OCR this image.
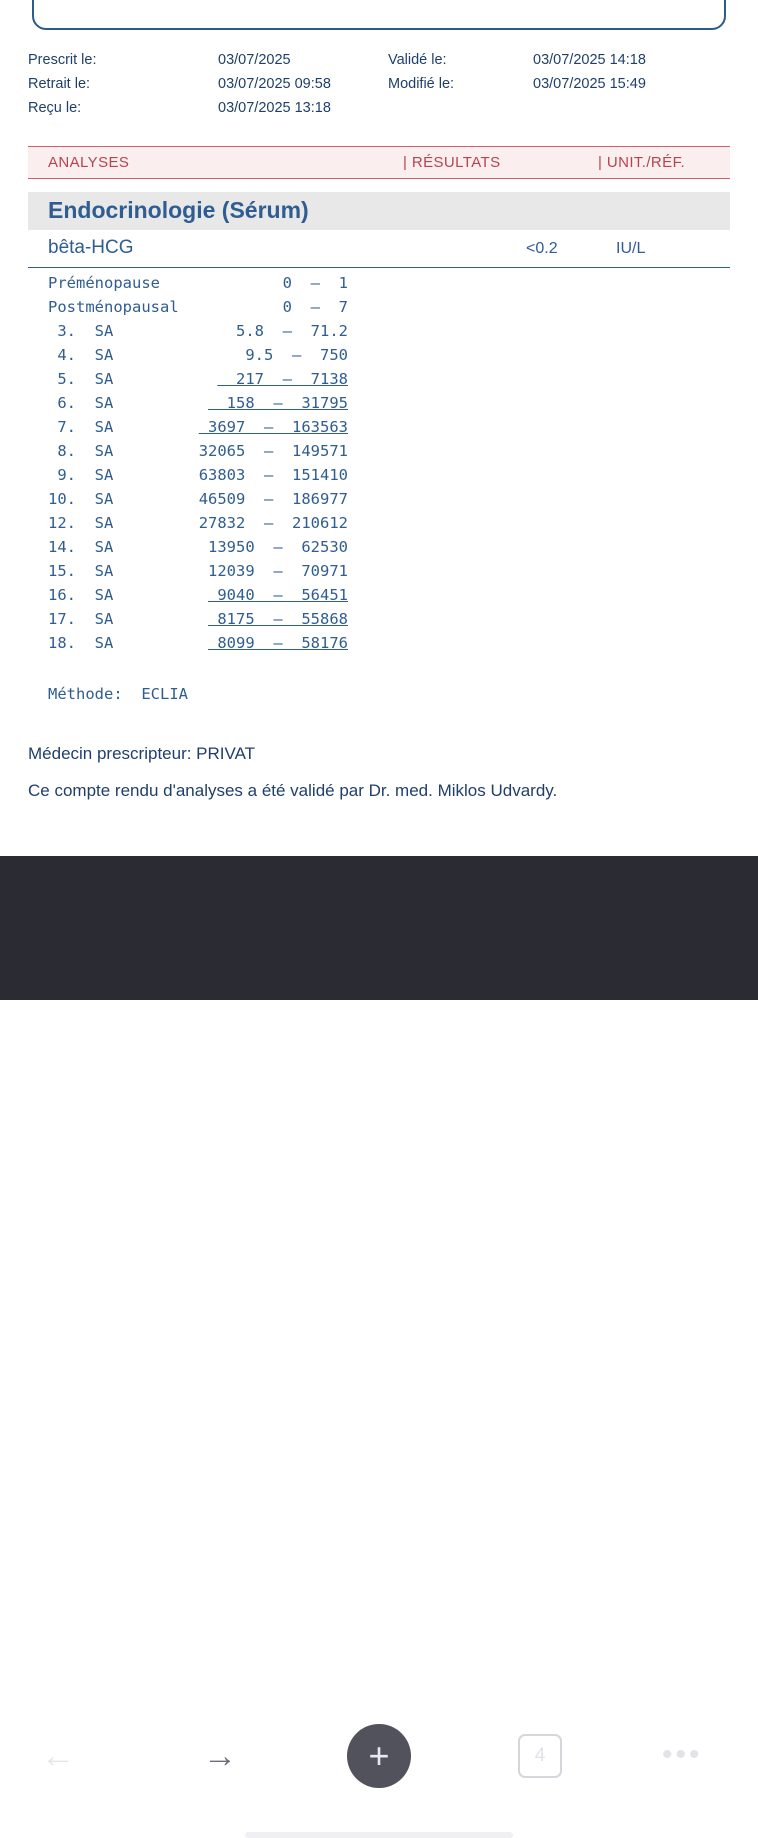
Prescrit le:	03/07/2025	Validé le:	03/07/2025 14:18
Retrait le:	03/07/2025 09:58	Modifié le:	03/07/2025 15:49
Reçu le:	03/07/2025 13:18
ANALYSES	| RÉSULTATS	| UNIT./RÉF.
Endocrinologie (Sérum)
bêta-HCG	<0.2	IU/L
Préménopause	0  –  1
Postménopausal	0  –  7
3.  SA	5.8  –  71.2
4.  SA	9.5  –  750
5.  SA	217  –  7138
6.  SA	158  –  31795
7.  SA	3697  –  163563
8.  SA	32065  –  149571
9.  SA	63803  –  151410
10.  SA	46509  –  186977
12.  SA	27832  –  210612
14.  SA	13950  –  62530
15.  SA	12039  –  70971
16.  SA	9040  –  56451
17.  SA	8175  –  55868
18.  SA	8099  –  58176
Méthode:  ECLIA
Médecin prescripteur: PRIVAT
Ce compte rendu d'analyses a été validé par Dr. med. Miklos Udvardy.
←	→	+	4	•••
